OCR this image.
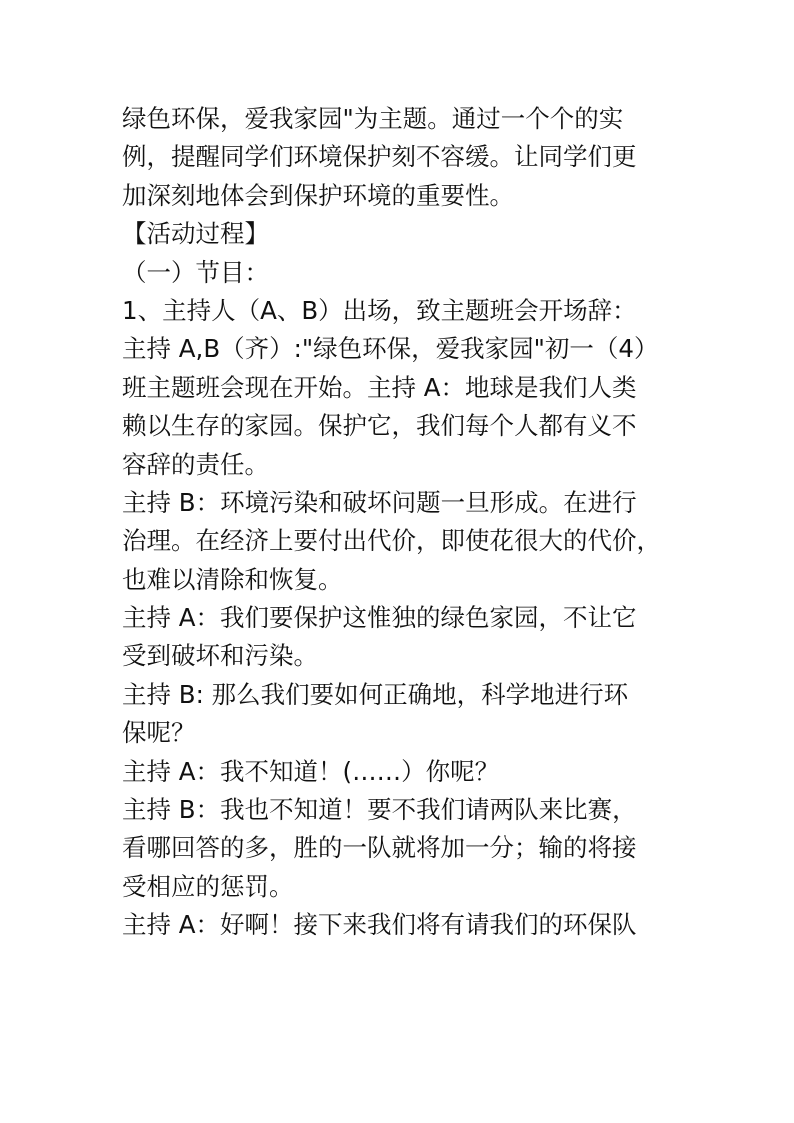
绿色环保，爱我家园"为主题。通过一个个的实
例，提醒同学们环境保护刻不容缓。让同学们更
加深刻地体会到保护环境的重要性。
【活动过程】
（一）节目：
1、主持人（A、B）出场，致主题班会开场辞：
主持 A,B（齐）:"绿色环保，爱我家园"初一（4）
班主题班会现在开始。主持 A：地球是我们人类
赖以生存的家园。保护它，我们每个人都有义不
容辞的责任。
主持 B：环境污染和破坏问题一旦形成。在进行
治理。在经济上要付出代价，即使花很大的代价，
也难以清除和恢复。
主持 A：我们要保护这惟独的绿色家园，不让它
受到破坏和污染。
主持 B: 那么我们要如何正确地，科学地进行环
保呢？
主持 A：我不知道！(……）你呢？
主持 B：我也不知道！要不我们请两队来比赛，
看哪回答的多，胜的一队就将加一分；输的将接
受相应的惩罚。
主持 A：好啊！接下来我们将有请我们的环保队
